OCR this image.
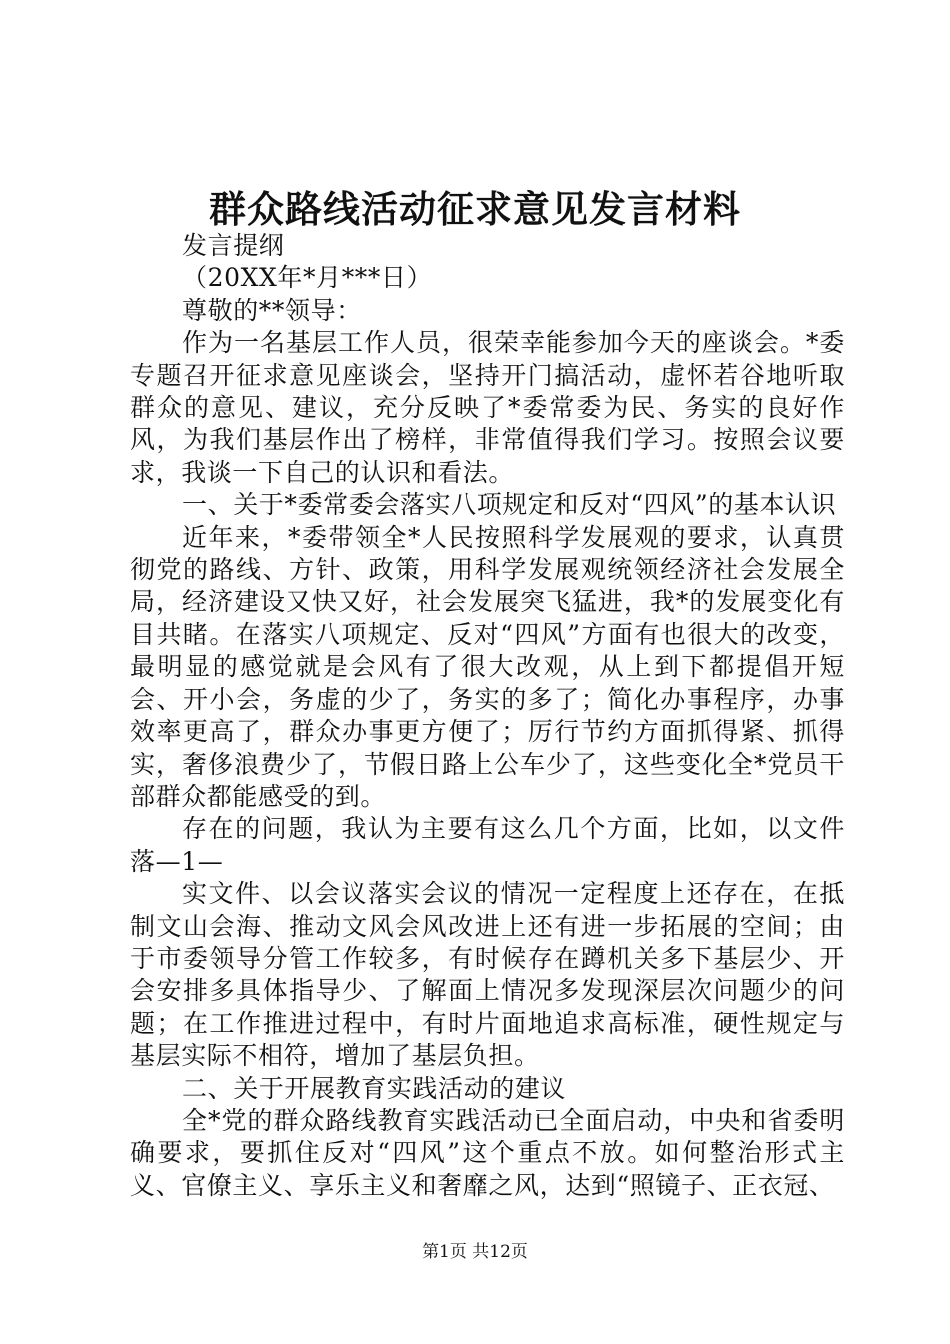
群众路线活动征求意见发言材料

发言提纲

（20XX年*月***日）

尊敬的**领导：

作为一名基层工作人员，很荣幸能参加今天的座谈会。*委专题召开征求意见座谈会，坚持开门搞活动，虚怀若谷地听取群众的意见、建议，充分反映了*委常委为民、务实的良好作风，为我们基层作出了榜样，非常值得我们学习。按照会议要求，我谈一下自己的认识和看法。

一、关于*委常委会落实八项规定和反对“四风”的基本认识

近年来，*委带领全*人民按照科学发展观的要求，认真贯彻党的路线、方针、政策，用科学发展观统领经济社会发展全局，经济建设又快又好，社会发展突飞猛进，我*的发展变化有目共睹。在落实八项规定、反对“四风”方面有也很大的改变，最明显的感觉就是会风有了很大改观，从上到下都提倡开短会、开小会，务虚的少了，务实的多了；简化办事程序，办事效率更高了，群众办事更方便了；厉行节约方面抓得紧、抓得实，奢侈浪费少了，节假日路上公车少了，这些变化全*党员干部群众都能感受的到。

存在的问题，我认为主要有这么几个方面，比如，以文件落—1—

实文件、以会议落实会议的情况一定程度上还存在，在抵制文山会海、推动文风会风改进上还有进一步拓展的空间；由于市委领导分管工作较多，有时候存在蹲机关多下基层少、开会安排多具体指导少、了解面上情况多发现深层次问题少的问题；在工作推进过程中，有时片面地追求高标准，硬性规定与基层实际不相符，增加了基层负担。

二、关于开展教育实践活动的建议

全*党的群众路线教育实践活动已全面启动，中央和省委明确要求，要抓住反对“四风”这个重点不放。如何整治形式主义、官僚主义、享乐主义和奢靡之风，达到“照镜子、正衣冠、

第1页 共12页
